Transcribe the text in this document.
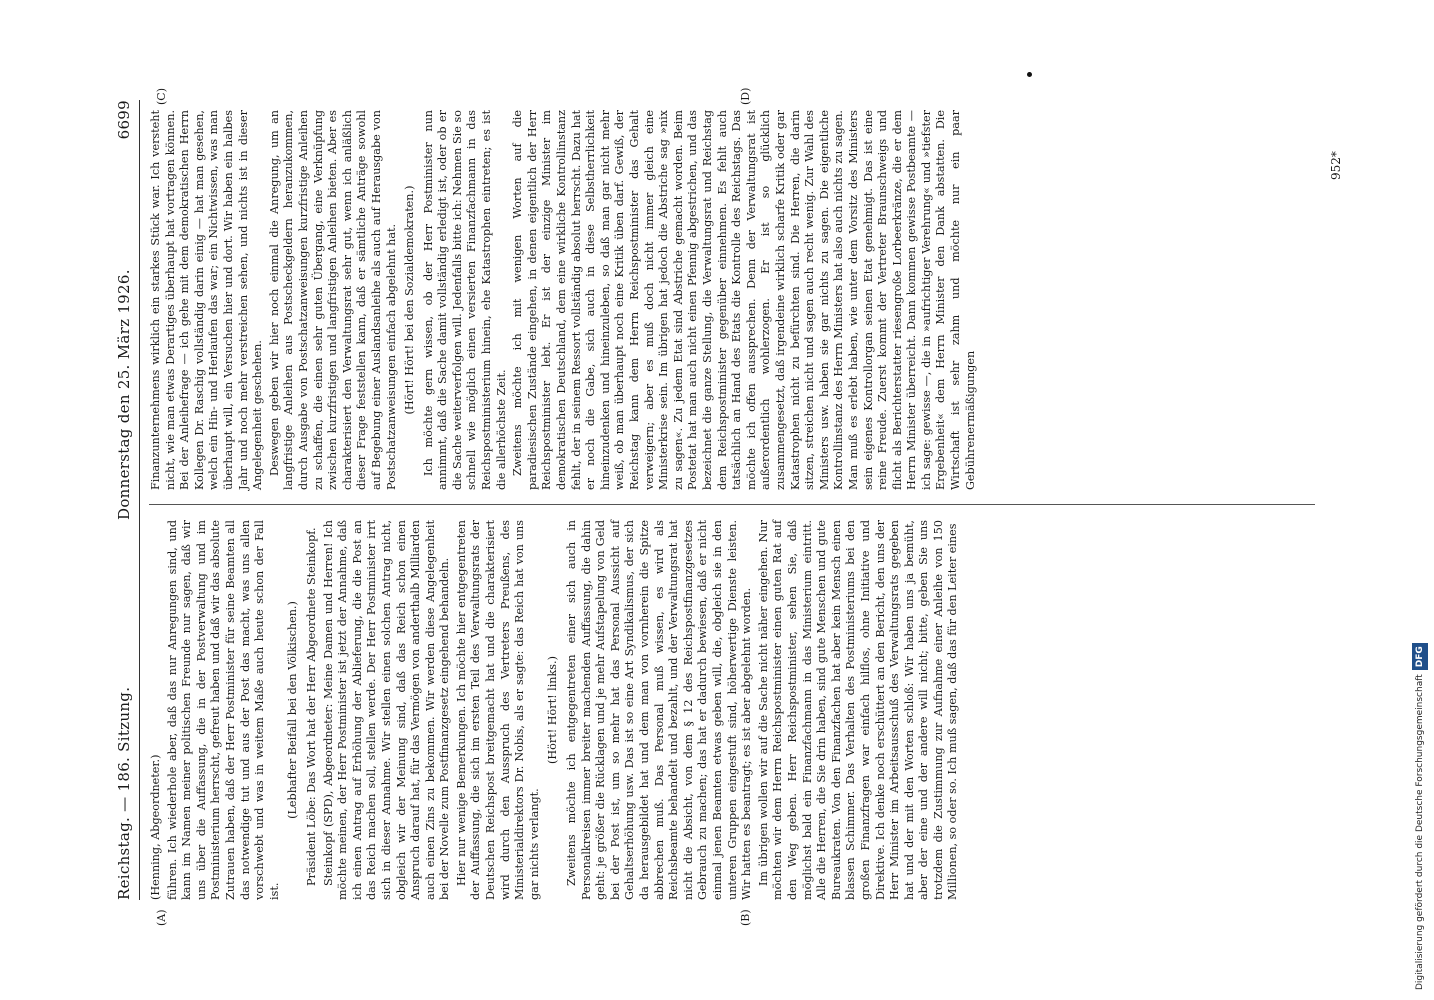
Reichstag. — 186. Sitzung.
Donnerstag den 25. März 1926.
6699

(Henning, Abgeordneter.) führen. Ich wiederhole aber, daß das nur Anregungen sind, und kann im Namen meiner politischen Freunde nur sagen, daß wir uns über die Auffassung, die in der Postverwaltung und im Postministerium herrscht, gefreut haben und daß wir das absolute Zutrauen haben, daß der Herr Postminister für seine Beamten all das notwendige tut und aus der Post das macht, was uns allen vorschwebt und was in weitem Maße auch heute schon der Fall ist.

(Lebhafter Beifall bei den Völkischen.) Präsident Löbe: Das Wort hat der Herr Abgeordnete Steinkopf. Steinkopf (SPD), Abgeordneter: Meine Damen und Herren! Ich möchte meinen, der Herr Postminister ist jetzt der Annahme, daß ich einen Antrag auf Erhöhung der Ablieferung, die die Post an das Reich machen soll, stellen werde. Der Herr Postminister irrt sich in dieser Annahme. Wir stellen einen solchen Antrag nicht, obgleich wir der Meinung sind, daß das Reich schon einen Anspruch darauf hat, für das Vermögen von anderthalb Milliarden auch einen Zins zu bekommen. Wir werden diese Angelegenheit bei der Novelle zum Postfinanzgesetz eingehend behandeln. Hier nur wenige Bemerkungen. Ich möchte hier entgegentreten der Auffassung, die sich im ersten Teil des Verwaltungsrats der Deutschen Reichspost breitgemacht hat und die charakterisiert wird durch den Ausspruch des Vertreters Preußens, des Ministerialdirektors Dr. Nobis, als er sagte: das Reich hat von uns gar nichts verlangt.

(Hört! Hört! links.) Zweitens möchte ich entgegentreten einer sich auch in Personalkreisen immer breiter machenden Auffassung, die dahin geht: je größer die Rücklagen und je mehr Aufstapelung von Geld bei der Post ist, um so mehr hat das Personal Aussicht auf Gehaltserhöhung usw. Das ist so eine Art Syndikalismus, der sich da herausgebildet hat und dem man von vornherein die Spitze abbrechen muß. Das Personal muß wissen, es wird als Reichsbeamte behandelt und bezahlt, und der Verwaltungsrat hat nicht die Absicht, von dem § 12 des Reichspostfinanzgesetzes Gebrauch zu machen; das hat er dadurch bewiesen, daß er nicht einmal jenen Beamten etwas geben will, die, obgleich sie in den unteren Gruppen eingestuft sind, höherwertige Dienste leisten. Wir hatten es beantragt; es ist aber abgelehnt worden. Im übrigen wollen wir auf die Sache nicht näher eingehen. Nur möchten wir dem Herrn Reichspostminister einen guten Rat auf den Weg geben. Herr Reichspostminister, sehen Sie, daß möglichst bald ein Finanzfachmann in das Ministerium eintritt. Alle die Herren, die Sie drin haben, sind gute Menschen und gute Bureaukraten. Von den Finanzfachen hat aber kein Mensch einen blassen Schimmer. Das Verhalten des Postministeriums bei den großen Finanzfragen war einfach hilflos, ohne Initiative und Direktive. Ich denke noch erschüttert an den Bericht, den uns der Herr Minister im Arbeitsausschuß des Verwaltungsrats gegeben hat und der mit den Worten schloß: Wir haben uns ja bemüht, aber der eine und der andere will nicht; bitte, geben Sie uns trotzdem die Zustimmung zur Aufnahme einer Anleihe von 150 Millionen, so oder so. Ich muß sagen, daß das für den Leiter eines

Finanzunternehmens wirklich ein starkes Stück war. Ich versteht nicht, wie man etwas Derartiges überhaupt hat vortragen können. Bei der Anleihefrage — ich gehe mit dem demokratischen Herrn Kollegen Dr. Raschig vollständig darin einig — hat man gesehen, welch ein Hin- und Herlaufen das war; ein Nichtwissen, was man überhaupt will, ein Versuchen hier und dort. Wir haben ein halbes Jahr und noch mehr verstreichen sehen, und nichts ist in dieser Angelegenheit geschehen. Deswegen geben wir hier noch einmal die Anregung, um an langfristige Anleihen aus Postscheckgeldern heranzukommen, durch Ausgabe von Postschatzanweisungen kurzfristige Anleihen zu schaffen, die einen sehr guten Übergang, eine Verknüpfung zwischen kurzfristigen und langfristigen Anleihen bieten. Aber es charakterisiert den Verwaltungsrat sehr gut, wenn ich anläßlich dieser Frage feststellen kann, daß er sämtliche Anträge sowohl auf Begebung einer Auslandsanleihe als auch auf Herausgabe von Postschatzanweisungen einfach abgelehnt hat. (Hört! Hört! bei den Sozialdemokraten.) Ich möchte gern wissen, ob der Herr Postminister nun annimmt, daß die Sache damit vollständig erledigt ist, oder ob er die Sache weiterverfolgen will. Jedenfalls bitte ich: Nehmen Sie so schnell wie möglich einen versierten Finanzfachmann in das Reichspostministerium hinein, ehe Katastrophen eintreten; es ist die allerhöchste Zeit. Zweitens möchte ich mit wenigen Worten auf die paradiesischen Zustände eingehen, in denen eigentlich der Herr Reichspostminister lebt. Er ist der einzige Minister im demokratischen Deutschland, dem eine wirkliche Kontrollinstanz fehlt, der in seinem Ressort vollständig absolut herrscht. Dazu hat er noch die Gabe, sich auch in diese Selbstherrlichkeit hineinzudenken und hineinzuleben, so daß man gar nicht mehr weiß, ob man überhaupt noch eine Kritik üben darf. Gewiß, der Reichstag kann dem Herrn Reichspostminister das Gehalt verweigern; aber es muß doch nicht immer gleich eine Ministerkrise sein. Im übrigen hat jedoch die Abstriche sag »nix zu sagen«. Zu jedem Etat sind Abstriche gemacht worden. Beim Postetat hat man auch nicht einen Pfennig abgestrichen, und das bezeichnet die ganze Stellung, die Verwaltungsrat und Reichstag dem Reichspostminister gegenüber einnehmen. Es fehlt auch tatsächlich an Hand des Etats die Kontrolle des Reichstags. Das möchte ich offen aussprechen. Denn der Verwaltungsrat ist außerordentlich wohlerzogen. Er ist so glücklich zusammengesetzt, daß irgendeine wirklich scharfe Kritik oder gar Katastrophen nicht zu befürchten sind. Die Herren, die darin sitzen, streichen nicht und sagen auch recht wenig. Zur Wahl des Ministers usw. haben sie gar nichts zu sagen. Die eigentliche Kontrollinstanz des Herrn Ministers hat also auch nichts zu sagen. Man muß es erlebt haben, wie unter dem Vorsitz des Ministers sein eigenes Kontrollorgan seinen Etat genehmigt. Das ist eine reine Freude. Zuerst kommt der Vertreter Braunschweigs und flicht als Berichterstatter riesengroße Lorbeerkränze, die er dem Herrn Minister überreicht. Dann kommen gewisse Postbeamte — ich sage: gewisse —, die in »aufrichtiger Verehrung« und »tiefster Ergebenheit« dem Herrn Minister den Dank abstatten. Die Wirtschaft ist sehr zahm und möchte nur ein paar Gebührenermäßigungen

(A)	(B)
(C)	(D)
952*
Digitalisierung gefördert durch die Deutsche ForschungsgemeinschaftDFG
